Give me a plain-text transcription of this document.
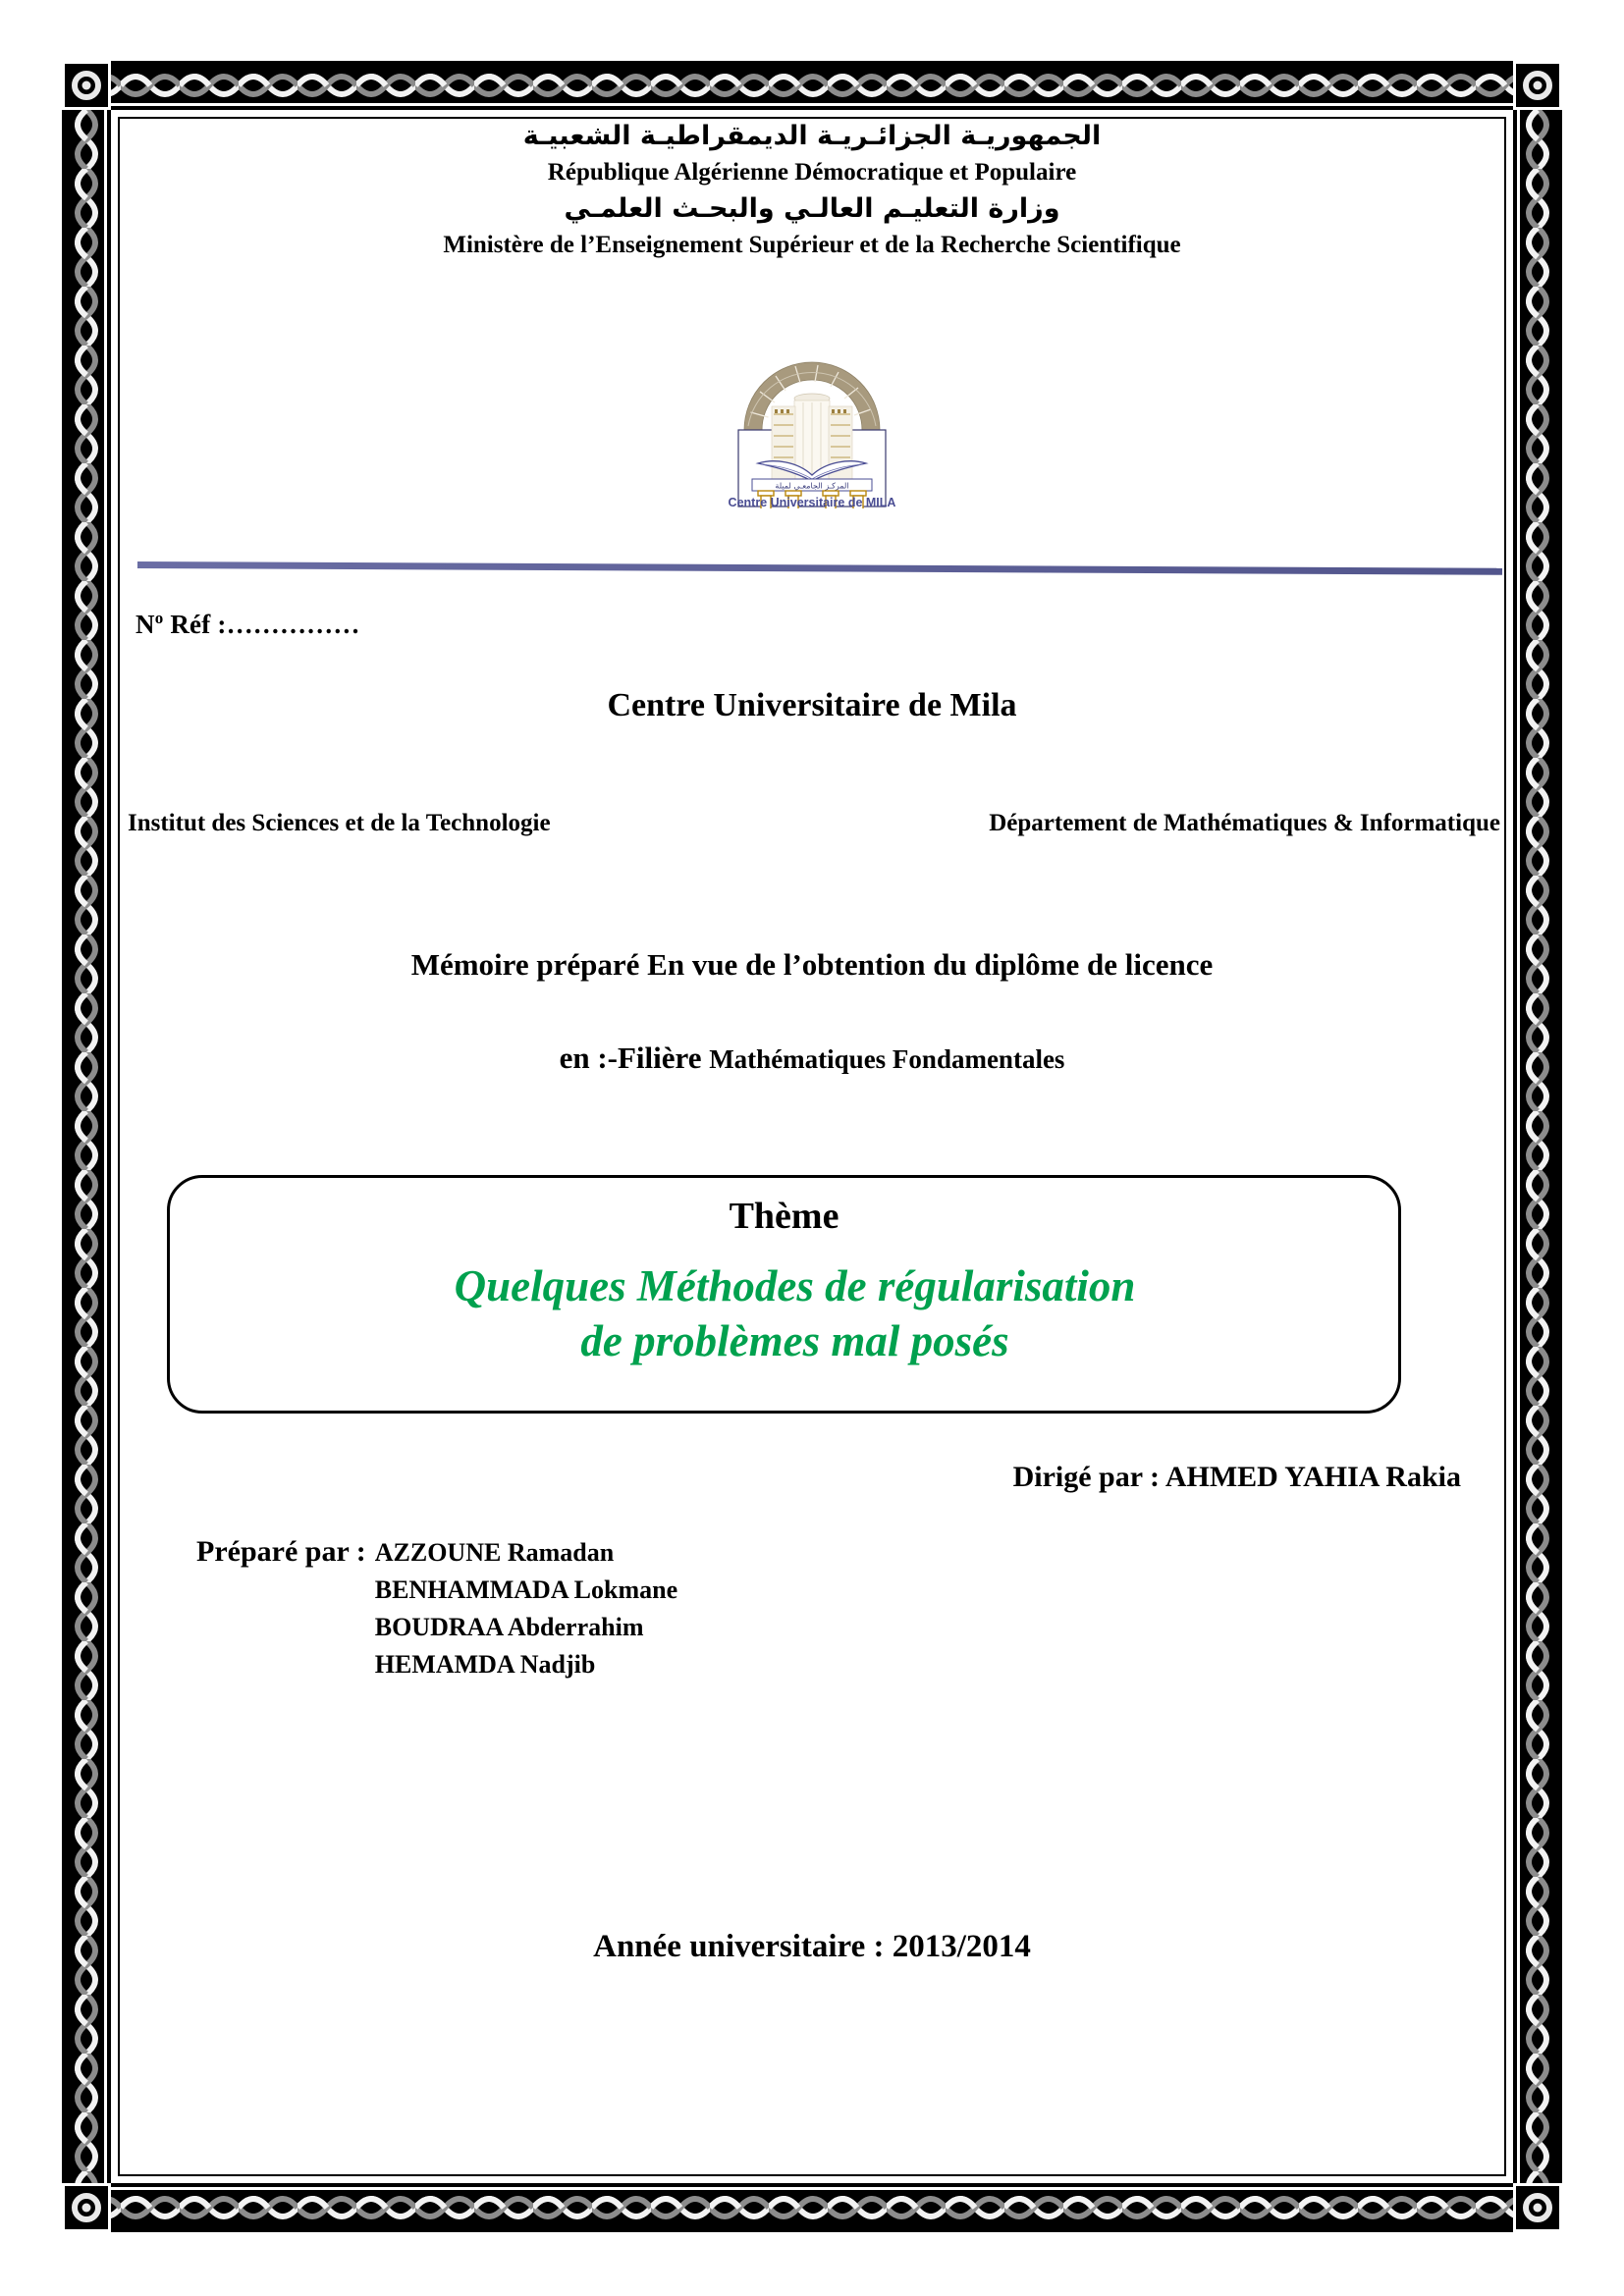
الجمهوريـة الجزائـريـة الديمقراطيـة الشعبيـة
République Algérienne Démocratique et Populaire
وزارة التعليـم العالـي والبحـث العلمـي
Ministère de l’Enseignement Supérieur et de la Recherche Scientifique
المركـز الجامعـي لميلة
Centre Universitaire de MILA
$N^o$ Réf :……………
Centre Universitaire de Mila
Institut des Sciences et de la Technologie	Département de Mathématiques & Informatique
Mémoire préparé En vue de l’obtention du diplôme de licence
en :-Filière Mathématiques Fondamentales
Thème
Quelques Méthodes de régularisation
de problèmes mal posés
Dirigé par : AHMED YAHIA Rakia
Préparé par : AZZOUNE Ramadan
BENHAMMADA Lokmane
BOUDRAA Abderrahim
HEMAMDA Nadjib
Année universitaire : 2013/2014
